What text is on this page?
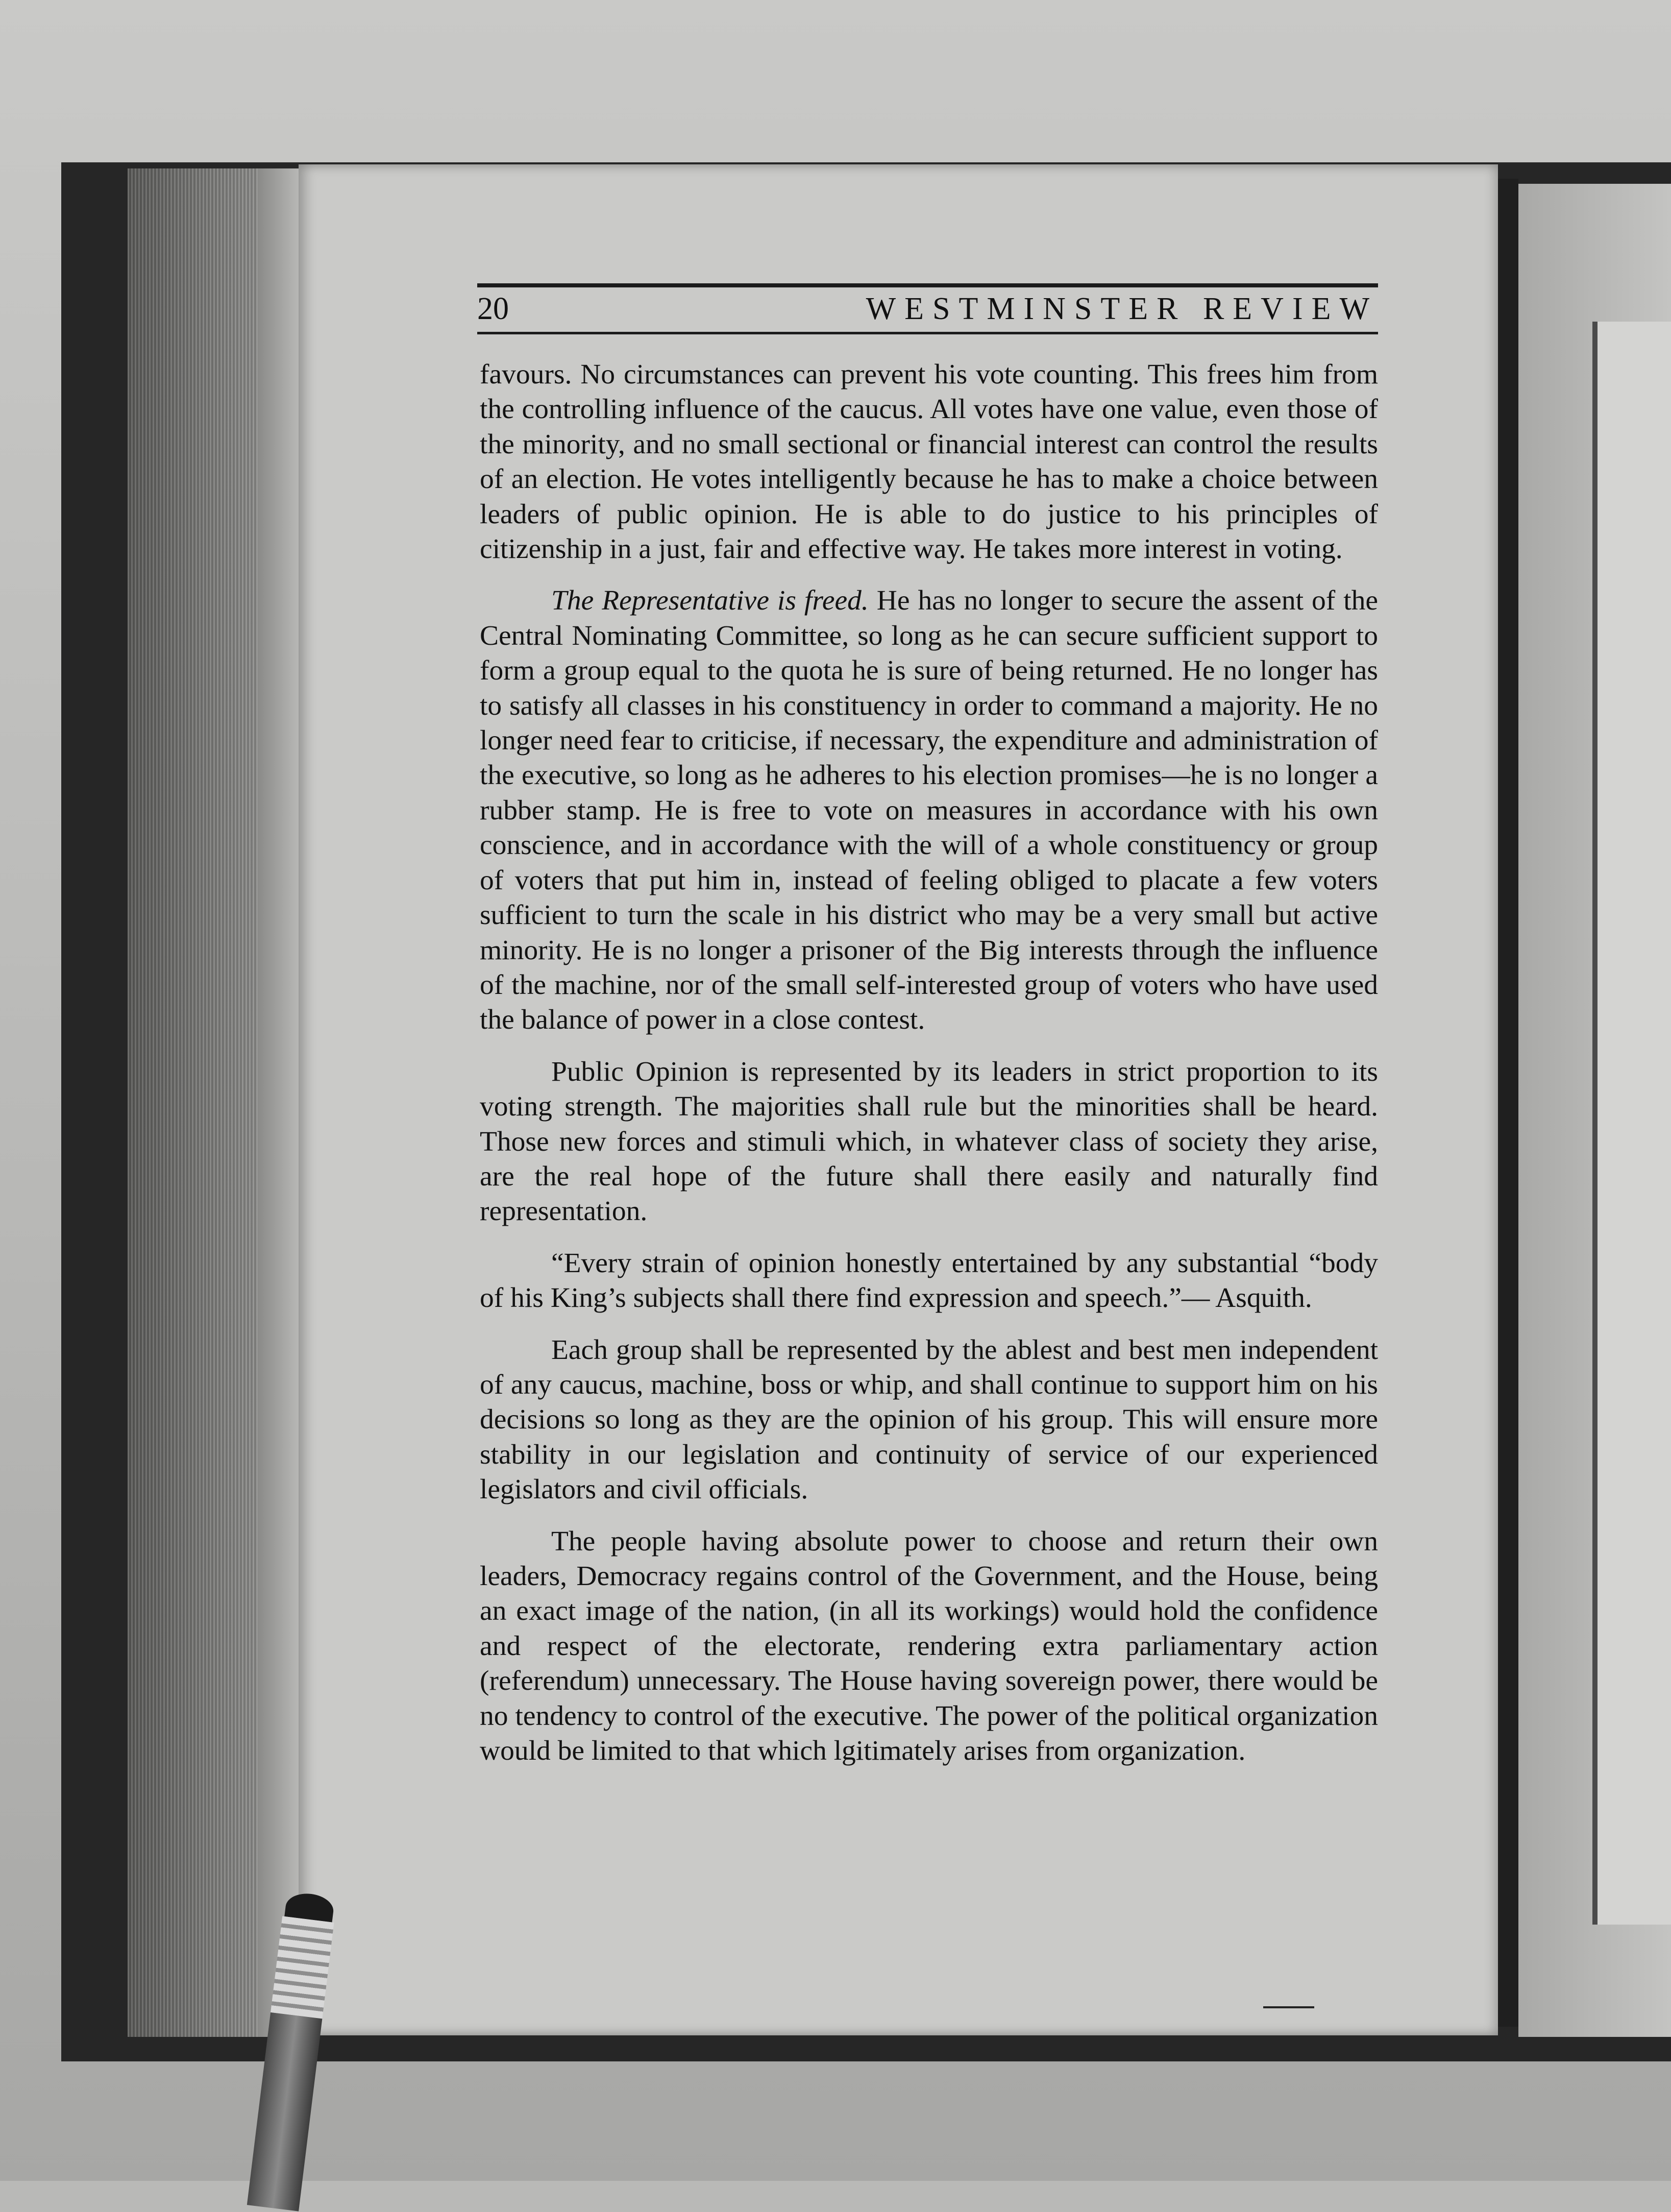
20	WESTMINSTER REVIEW

favours. No circumstances can prevent his vote counting. This frees him from the controlling influence of the caucus. All votes have one value, even those of the minority, and no small sectional or financial interest can control the results of an election. He votes intelligently because he has to make a choice between leaders of public opinion. He is able to do justice to his principles of citizenship in a just, fair and effective way. He takes more interest in voting.

The Representative is freed. He has no longer to secure the assent of the Central Nominating Committee, so long as he can secure sufficient support to form a group equal to the quota he is sure of being returned. He no longer has to satisfy all classes in his constituency in order to command a majority. He no longer need fear to criticise, if necessary, the expenditure and administration of the executive, so long as he adheres to his election promises—he is no longer a rubber stamp. He is free to vote on measures in accordance with his own conscience, and in accordance with the will of a whole constituency or group of voters that put him in, instead of feeling obliged to placate a few voters sufficient to turn the scale in his district who may be a very small but active minority. He is no longer a prisoner of the Big interests through the influence of the machine, nor of the small self-interested group of voters who have used the balance of power in a close contest.

Public Opinion is represented by its leaders in strict proportion to its voting strength. The majorities shall rule but the minorities shall be heard. Those new forces and stimuli which, in whatever class of society they arise, are the real hope of the future shall there easily and naturally find representation.

“Every strain of opinion honestly entertained by any substantial “body of his King’s subjects shall there find expression and speech.”— Asquith.

Each group shall be represented by the ablest and best men independent of any caucus, machine, boss or whip, and shall continue to support him on his decisions so long as they are the opinion of his group. This will ensure more stability in our legislation and continuity of service of our experienced legislators and civil officials.

The people having absolute power to choose and return their own leaders, Democracy regains control of the Government, and the House, being an exact image of the nation, (in all its workings) would hold the confidence and respect of the electorate, rendering extra parliamentary action (referendum) unnecessary. The House having sovereign power, there would be no tendency to control of the executive. The power of the political organization would be limited to that which lgitimately arises from organization.
